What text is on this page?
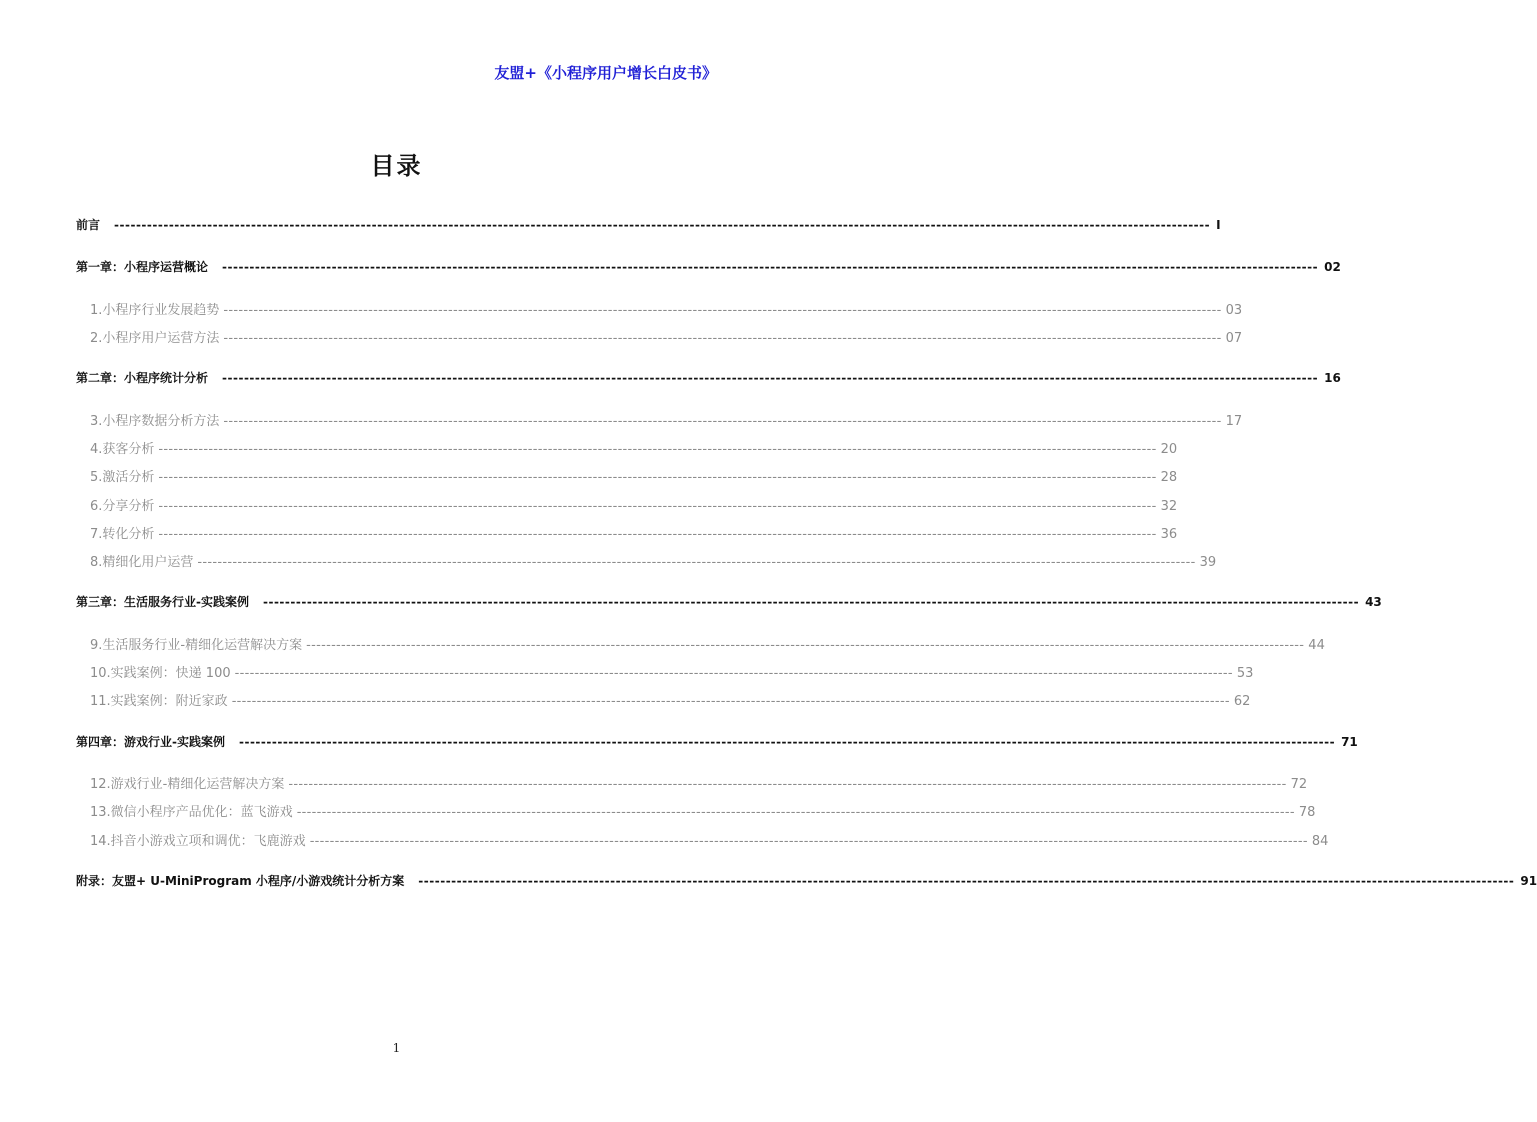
友盟+《小程序用户增长白皮书》
目录
前言 -------------------------------------------------------------------------------------------------------------------------------------------------------------------------------------------------------- I
第一章：小程序运营概论 -------------------------------------------------------------------------------------------------------------------------------------------------------------------------------------------------------- 02
1.小程序行业发展趋势 -------------------------------------------------------------------------------------------------------------------------------------------------------------------------------------------------------- 03
2.小程序用户运营方法 -------------------------------------------------------------------------------------------------------------------------------------------------------------------------------------------------------- 07
第二章：小程序统计分析 -------------------------------------------------------------------------------------------------------------------------------------------------------------------------------------------------------- 16
3.小程序数据分析方法 -------------------------------------------------------------------------------------------------------------------------------------------------------------------------------------------------------- 17
4.获客分析 -------------------------------------------------------------------------------------------------------------------------------------------------------------------------------------------------------- 20
5.激活分析 -------------------------------------------------------------------------------------------------------------------------------------------------------------------------------------------------------- 28
6.分享分析 -------------------------------------------------------------------------------------------------------------------------------------------------------------------------------------------------------- 32
7.转化分析 -------------------------------------------------------------------------------------------------------------------------------------------------------------------------------------------------------- 36
8.精细化用户运营 -------------------------------------------------------------------------------------------------------------------------------------------------------------------------------------------------------- 39
第三章：生活服务行业-实践案例 -------------------------------------------------------------------------------------------------------------------------------------------------------------------------------------------------------- 43
9.生活服务行业-精细化运营解决方案 -------------------------------------------------------------------------------------------------------------------------------------------------------------------------------------------------------- 44
10.实践案例：快递 100 -------------------------------------------------------------------------------------------------------------------------------------------------------------------------------------------------------- 53
11.实践案例：附近家政 -------------------------------------------------------------------------------------------------------------------------------------------------------------------------------------------------------- 62
第四章：游戏行业-实践案例 -------------------------------------------------------------------------------------------------------------------------------------------------------------------------------------------------------- 71
12.游戏行业-精细化运营解决方案 -------------------------------------------------------------------------------------------------------------------------------------------------------------------------------------------------------- 72
13.微信小程序产品优化：蓝飞游戏 -------------------------------------------------------------------------------------------------------------------------------------------------------------------------------------------------------- 78
14.抖音小游戏立项和调优：飞鹿游戏 -------------------------------------------------------------------------------------------------------------------------------------------------------------------------------------------------------- 84
附录：友盟+ U-MiniProgram 小程序/小游戏统计分析方案 -------------------------------------------------------------------------------------------------------------------------------------------------------------------------------------------------------- 91
1
